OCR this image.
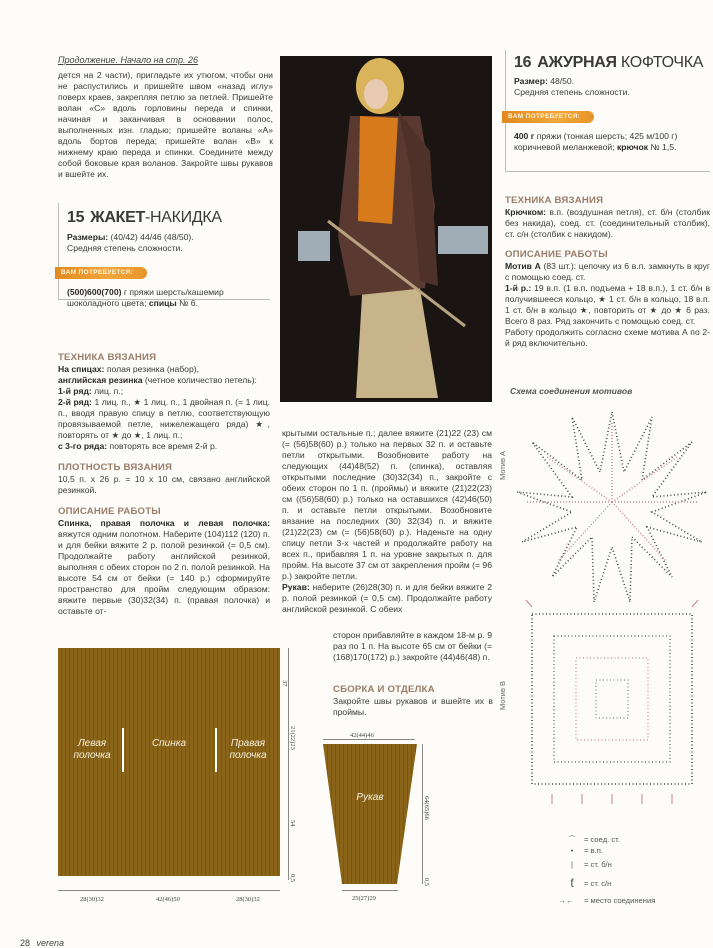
Продолжение. Начало на стр. 26
дется на 2 части), пригладьте их утюгом, чтобы они не распустились и пришейте швом «назад иглу» поверх краев, закрепляя петлю за петлей. Пришейте волан «С» вдоль горловины переда и спинки, начиная и заканчивая в основании полос, выполненных изн. гладью; пришейте воланы «А» вдоль бортов переда; пришейте волан «В» к нижнему краю переда и спинки. Соедините между собой боковые края воланов. Закройте швы рукавов и вшейте их.
15 ЖАКЕТ-НАКИДКА
Размеры: (40/42) 44/46 (48/50).
Средняя степень сложности.
ВАМ ПОТРЕБУЕТСЯ:
(500)600(700) г пряжи шерсть/кашемир шоколадного цвета; спицы № 6.
ТЕХНИКА ВЯЗАНИЯ
На спицах: полая резинка (набор),
английская резинка (четное количество петель):
1-й ряд: лиц. п.;
2-й ряд: 1 лиц. п., ★ 1 лиц. п., 1 двойная п. (= 1 лиц. п., вводя правую спицу в петлю, соответствующую провязываемой петле, нижележащего ряда) ★, повторять от ★ до ★, 1 лиц. п.;
с 3-го ряда: повторять все время 2-й р.
ПЛОТНОСТЬ ВЯЗАНИЯ
10,5 п. х 26 р. = 10 х 10 см, связано английской резинкой.
ОПИСАНИЕ РАБОТЫ
Спинка, правая полочка и левая полочка: вяжутся одним полотном. Наберите (104)112 (120) п. и для бейки вяжите 2 р. полой резинкой (= 0,5 см). Продолжайте работу английской резинкой, выполняя с обеих сторон по 2 п. полой резинкой. На высоте 54 см от бейки (= 140 р.) сформируйте пространство для пройм следующим образом: вяжите первые (30)32(34) п. (правая полочка) и оставьте от-
крытыми остальные п.; далее вяжите (21)22 (23) см (= (56)58(60) р.) только на первых 32 п. и оставьте петли открытыми. Возобновите работу на следующих (44)48(52) п. (спинка), оставляя открытыми последние (30)32(34) п., закройте с обеих сторон по 1 п. (проймы) и вяжите (21)22(23) см ((56)58(60) р.) только на оставшихся (42)46(50) п. и оставьте петли открытыми. Возобновите вязание на последних (30) 32(34) п. и вяжите (21)22(23) см (= (56)58(60) р.). Наденьте на одну спицу петли 3-х частей и продолжайте работу на всех п., прибавляя 1 п. на уровне закрытых п. для пройм. На высоте 37 см от закрепления пройм (= 96 р.) закройте петли.
Рукав: наберите (26)28(30) п. и для бейки вяжите 2 р. полой резинкой (= 0,5 см). Продолжайте работу английской резинкой. С обеих
сторон прибавляйте в каждом 18-м р. 9 раз по 1 п. На высоте 65 см от бейки (= (168)170(172) р.) закройте (44)46(48) п.
СБОРКА И ОТДЕЛКА
Закройте швы рукавов и вшейте их в проймы.
Левая
полочка
Спинка	Правая
полочка
37
21(22)23
54
0,5
28(30)32	42(46)50	28(30)32
42(44)46
Рукав	64(65)66
0,5
25(27)29
16 АЖУРНАЯ КОФТОЧКА
Размер: 48/50.
Средняя степень сложности.
ВАМ ПОТРЕБУЕТСЯ:
400 г пряжи (тонкая шерсть; 425 м/100 г) коричневой меланжевой; крючок № 1,5.
ТЕХНИКА ВЯЗАНИЯ
Крючком: в.п. (воздушная петля), ст. б/н (столбик без накида), соед. ст. (соединительный столбик), ст. с/н (столбик с накидом).
ОПИСАНИЕ РАБОТЫ
Мотив А (83 шт.): цепочку из 6 в.п. замкнуть в круг с помощью соед. ст.
1-й р.: 19 в.п. (1 в.п. подъема + 18 в.п.), 1 ст. б/н в получившееся кольцо, ★ 1 ст. б/н в кольцо, 18 в.п. 1 ст. б/н в кольцо ★, повторить от ★ до ★ 6 раз. Всего 8 раз. Ряд закончить с помощью соед. ст.
Работу продолжить согласно схеме мотива А по 2-й ряд включительно.
Схема соединения мотивов
Мотив А
Мотив В
⌒	= соед. ст.
•	= в.п.
|	= ст. б/н
ƭ	= ст. с/н
→←	= место соединения
28 verena
